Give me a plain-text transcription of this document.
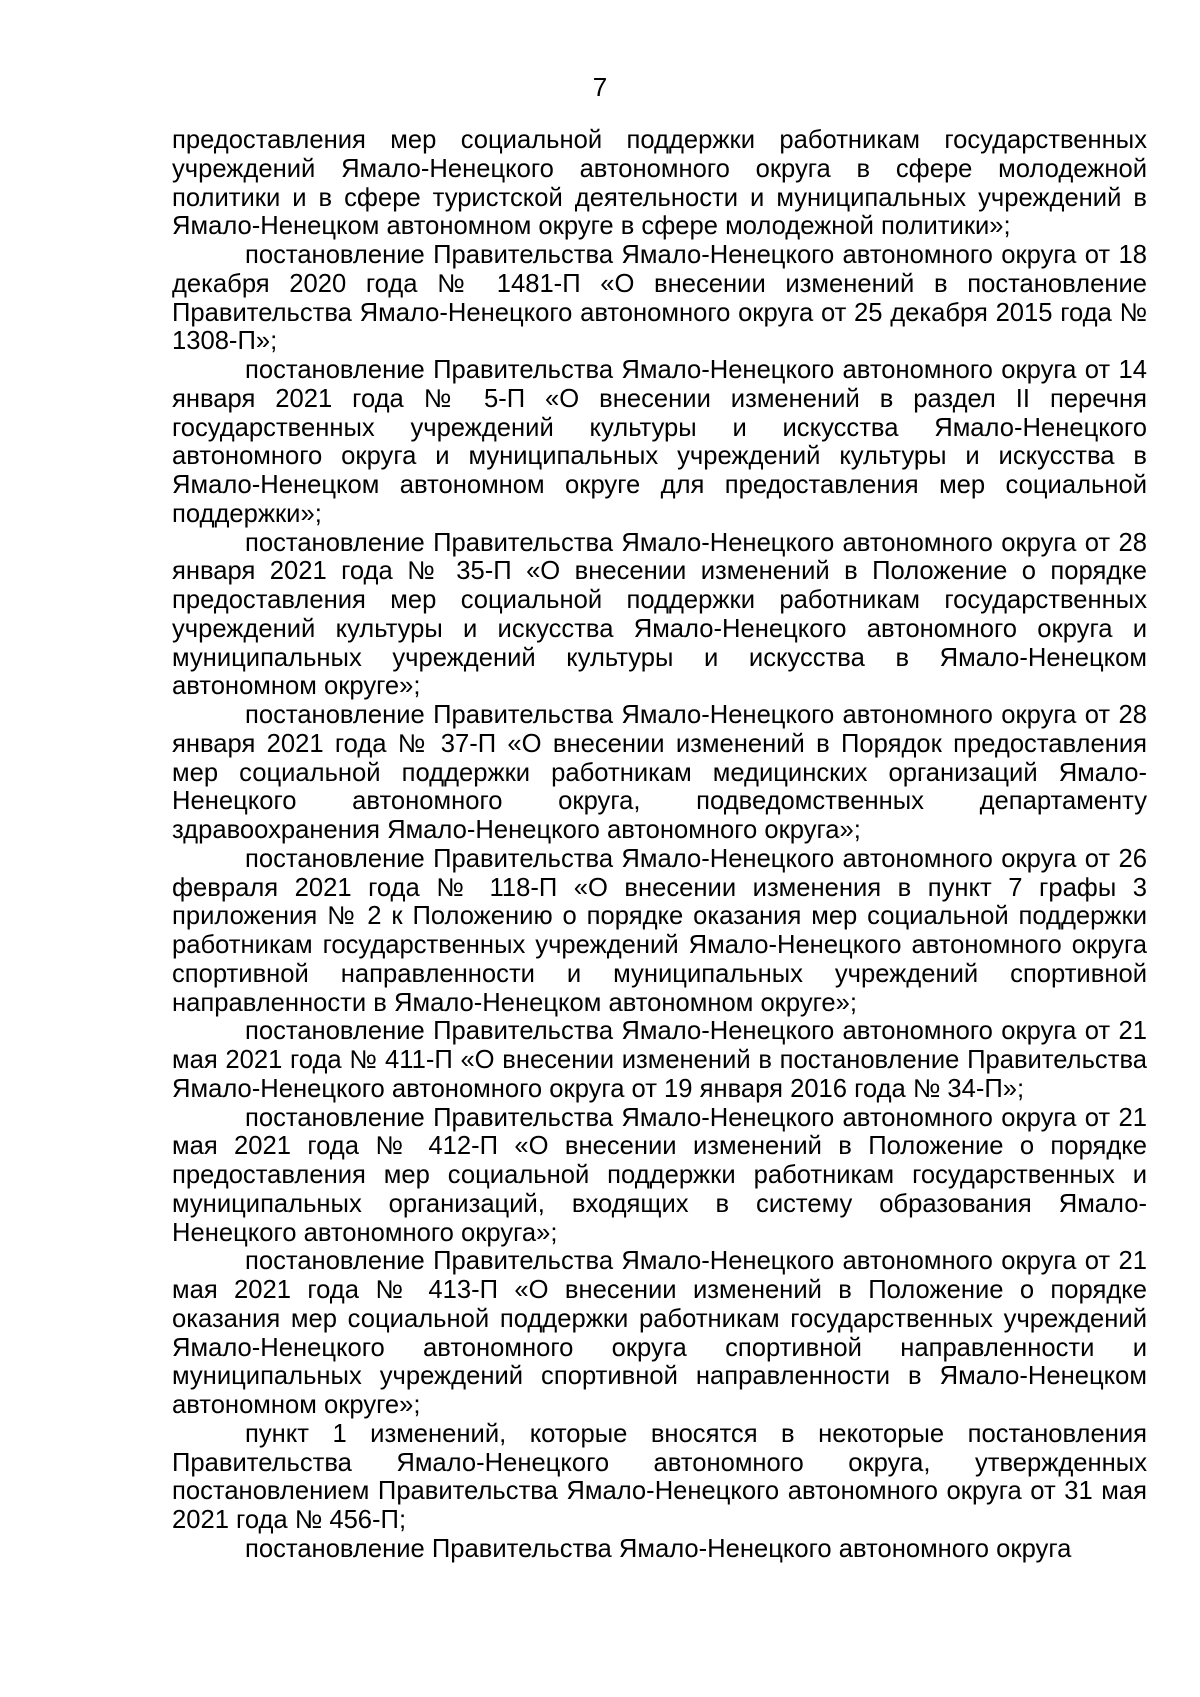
7

предоставления мер социальной поддержки работникам государственных учреждений Ямало-Ненецкого автономного округа в сфере молодежной политики и в сфере туристской деятельности и муниципальных учреждений в Ямало-Ненецком автономном округе в сфере молодежной политики»;

постановление Правительства Ямало-Ненецкого автономного округа от 18 декабря 2020 года № 1481-П «О внесении изменений в постановление Правительства Ямало-Ненецкого автономного округа от 25 декабря 2015 года № 1308-П»;

постановление Правительства Ямало-Ненецкого автономного округа от 14 января 2021 года № 5-П «О внесении изменений в раздел II перечня государственных учреждений культуры и искусства Ямало-Ненецкого автономного округа и муниципальных учреждений культуры и искусства в Ямало-Ненецком автономном округе для предоставления мер социальной поддержки»;

постановление Правительства Ямало-Ненецкого автономного округа от 28 января 2021 года № 35-П «О внесении изменений в Положение о порядке предоставления мер социальной поддержки работникам государственных учреждений культуры и искусства Ямало-Ненецкого автономного округа и муниципальных учреждений культуры и искусства в Ямало-Ненецком автономном округе»;

постановление Правительства Ямало-Ненецкого автономного округа от 28 января 2021 года № 37-П «О внесении изменений в Порядок предоставления мер социальной поддержки работникам медицинских организаций Ямало-Ненецкого автономного округа, подведомственных департаменту здравоохранения Ямало-Ненецкого автономного округа»;

постановление Правительства Ямало-Ненецкого автономного округа от 26 февраля 2021 года № 118-П «О внесении изменения в пункт 7 графы 3 приложения № 2 к Положению о порядке оказания мер социальной поддержки работникам государственных учреждений Ямало-Ненецкого автономного округа спортивной направленности и муниципальных учреждений спортивной направленности в Ямало-Ненецком автономном округе»;

постановление Правительства Ямало-Ненецкого автономного округа от 21 мая 2021 года № 411-П «О внесении изменений в постановление Правительства Ямало-Ненецкого автономного округа от 19 января 2016 года № 34-П»;

постановление Правительства Ямало-Ненецкого автономного округа от 21 мая 2021 года № 412-П «О внесении изменений в Положение о порядке предоставления мер социальной поддержки работникам государственных и муниципальных организаций, входящих в систему образования Ямало-Ненецкого автономного округа»;

постановление Правительства Ямало-Ненецкого автономного округа от 21 мая 2021 года № 413-П «О внесении изменений в Положение о порядке оказания мер социальной поддержки работникам государственных учреждений Ямало-Ненецкого автономного округа спортивной направленности и муниципальных учреждений спортивной направленности в Ямало-Ненецком автономном округе»;

пункт 1 изменений, которые вносятся в некоторые постановления Правительства Ямало-Ненецкого автономного округа, утвержденных постановлением Правительства Ямало-Ненецкого автономного округа от 31 мая 2021 года № 456-П;

постановление Правительства Ямало-Ненецкого автономного округа
